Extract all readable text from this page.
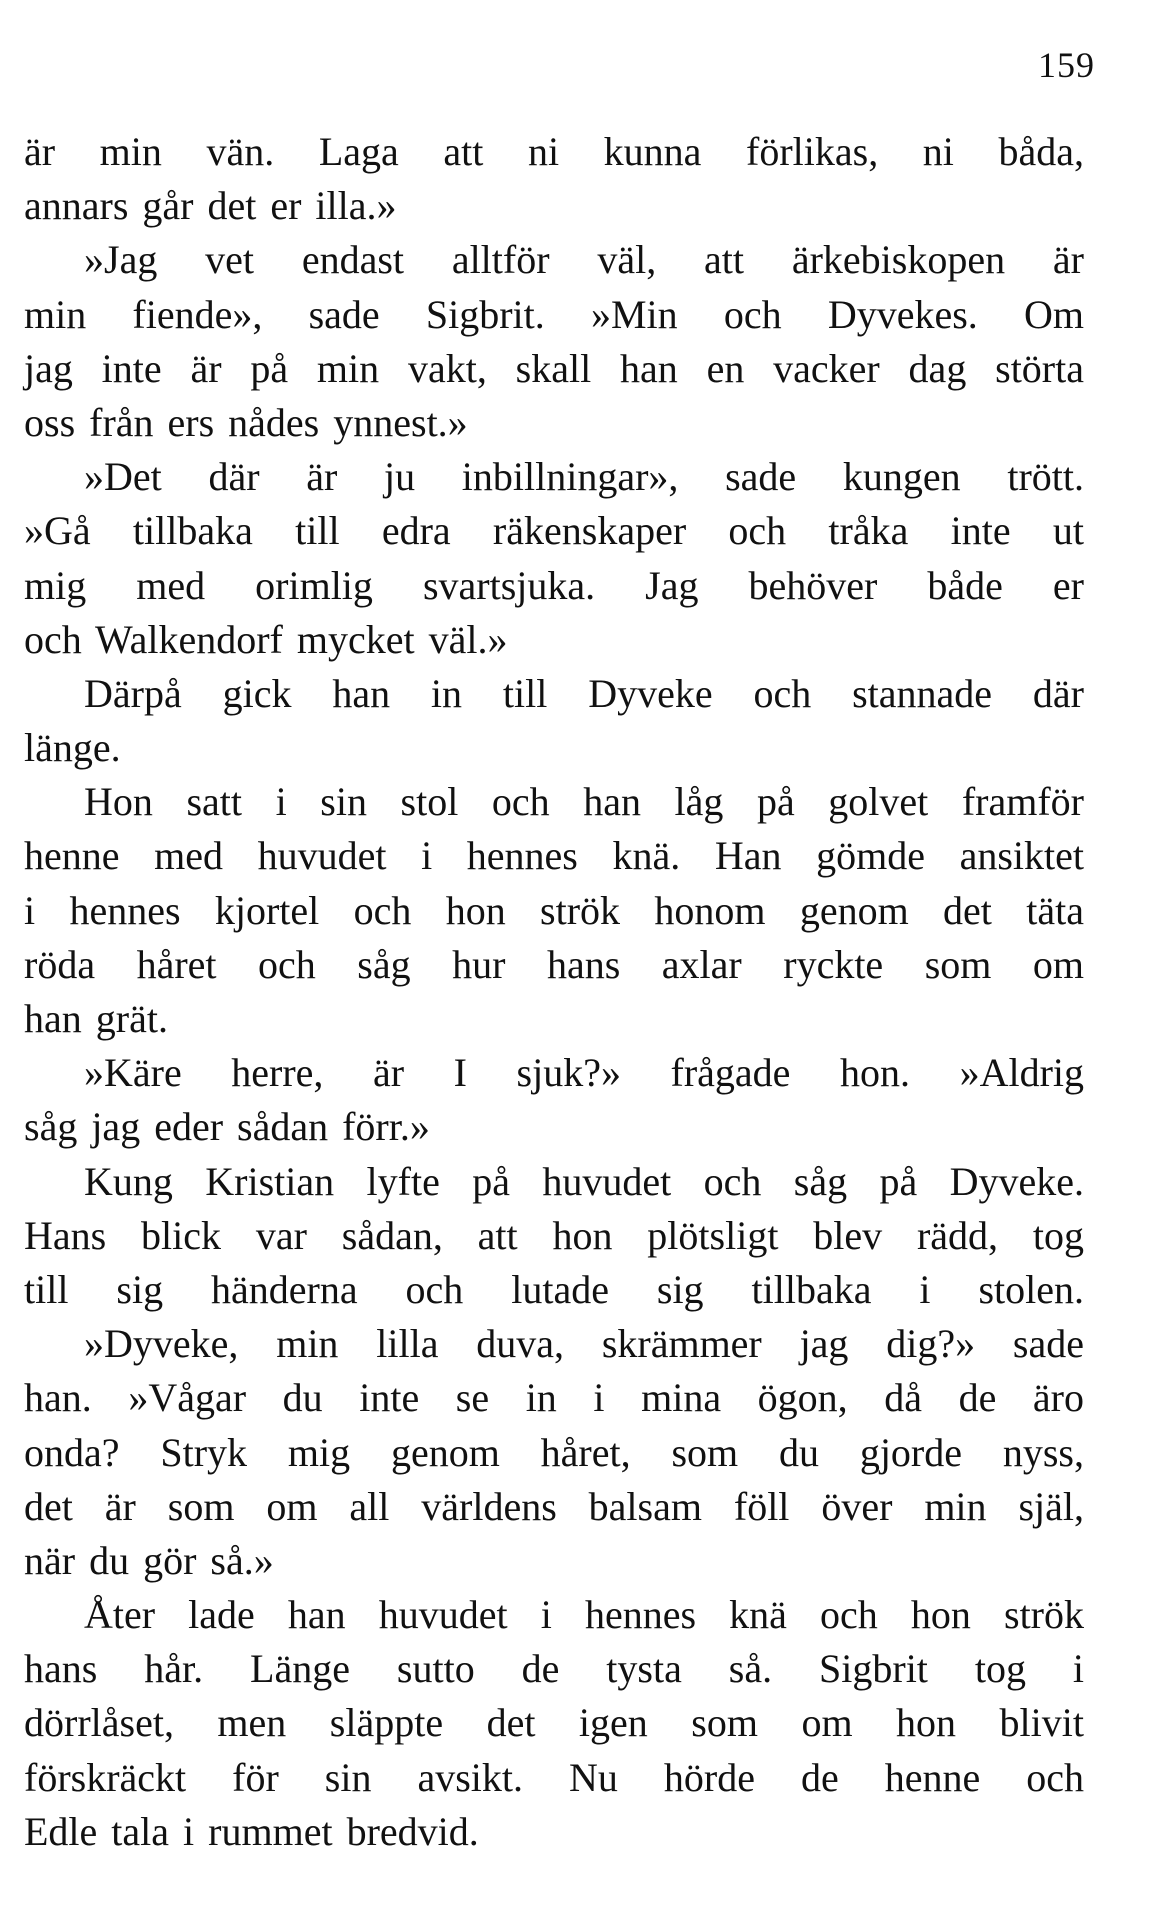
159
är min vän. Laga att ni kunna förlikas, ni båda,
annars går det er illa.»
»Jag vet endast alltför väl, att ärkebiskopen är
min fiende», sade Sigbrit. »Min och Dyvekes. Om
jag inte är på min vakt, skall han en vacker dag störta
oss från ers nådes ynnest.»
»Det där är ju inbillningar», sade kungen trött.
»Gå tillbaka till edra räkenskaper och tråka inte ut
mig med orimlig svartsjuka. Jag behöver både er
och Walkendorf mycket väl.»
Därpå gick han in till Dyveke och stannade där
länge.
Hon satt i sin stol och han låg på golvet framför
henne med huvudet i hennes knä. Han gömde ansiktet
i hennes kjortel och hon strök honom genom det täta
röda håret och såg hur hans axlar ryckte som om
han grät.
»Käre herre, är I sjuk?» frågade hon. »Aldrig
såg jag eder sådan förr.»
Kung Kristian lyfte på huvudet och såg på Dyveke.
Hans blick var sådan, att hon plötsligt blev rädd, tog
till sig händerna och lutade sig tillbaka i stolen.
»Dyveke, min lilla duva, skrämmer jag dig?» sade
han. »Vågar du inte se in i mina ögon, då de äro
onda? Stryk mig genom håret, som du gjorde nyss,
det är som om all världens balsam föll över min själ,
när du gör så.»
Åter lade han huvudet i hennes knä och hon strök
hans hår. Länge sutto de tysta så. Sigbrit tog i
dörrlåset, men släppte det igen som om hon blivit
förskräckt för sin avsikt. Nu hörde de henne och
Edle tala i rummet bredvid.
